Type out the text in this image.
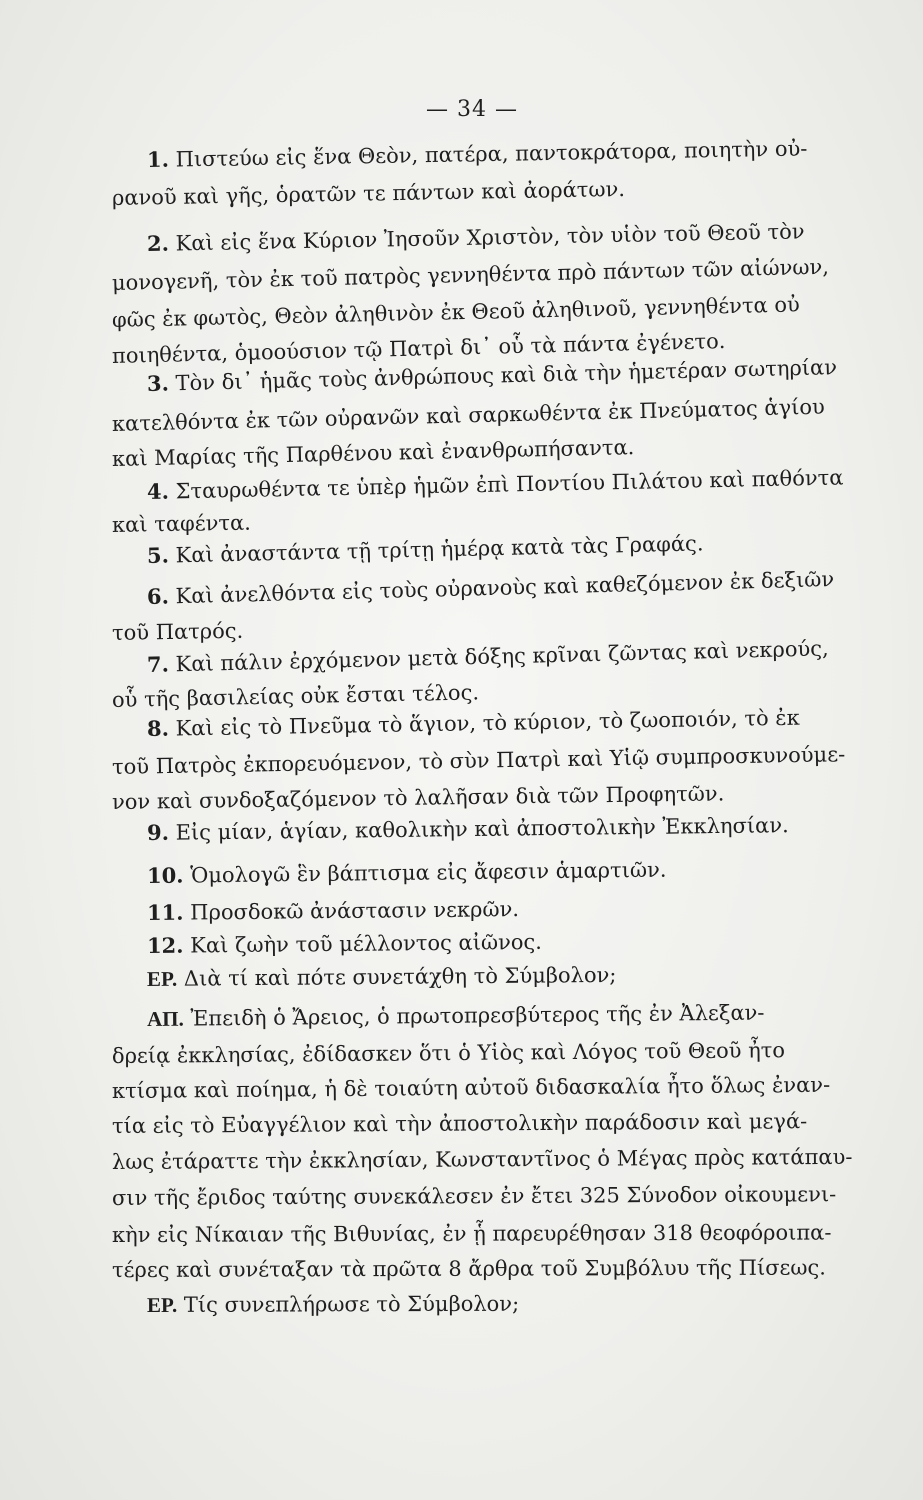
— 34 —
1. Πιστεύω εἰς ἕνα Θεὸν, πατέρα, παντοκράτορα, ποιητὴν οὐ-
ρανοῦ καὶ γῆς, ὁρατῶν τε πάντων καὶ ἀοράτων.
2. Καὶ εἰς ἕνα Κύριον Ἰησοῦν Χριστὸν, τὸν υἱὸν τοῦ Θεοῦ τὸν
μονογενῆ, τὸν ἐκ τοῦ πατρὸς γεννηθέντα πρὸ πάντων τῶν αἰώνων,
φῶς ἐκ φωτὸς, Θεὸν ἀληθινὸν ἐκ Θεοῦ ἀληθινοῦ, γεννηθέντα οὐ
ποιηθέντα, ὁμοούσιον τῷ Πατρὶ δι᾽ οὗ τὰ πάντα ἐγένετο.
3. Τὸν δι᾽ ἡμᾶς τοὺς ἀνθρώπους καὶ διὰ τὴν ἡμετέραν σωτηρίαν
κατελθόντα ἐκ τῶν οὐρανῶν καὶ σαρκωθέντα ἐκ Πνεύματος ἁγίου
καὶ Μαρίας τῆς Παρθένου καὶ ἐνανθρωπήσαντα.
4. Σταυρωθέντα τε ὑπὲρ ἡμῶν ἐπὶ Ποντίου Πιλάτου καὶ παθόντα
καὶ ταφέντα.
5. Καὶ ἀναστάντα τῇ τρίτῃ ἡμέρᾳ κατὰ τὰς Γραφάς.
6. Καὶ ἀνελθόντα εἰς τοὺς οὐρανοὺς καὶ καθεζόμενον ἐκ δεξιῶν
τοῦ Πατρός.
7. Καὶ πάλιν ἐρχόμενον μετὰ δόξης κρῖναι ζῶντας καὶ νεκρούς,
οὗ τῆς βασιλείας οὐκ ἔσται τέλος.
8. Καὶ εἰς τὸ Πνεῦμα τὸ ἅγιον, τὸ κύριον, τὸ ζωοποιόν, τὸ ἐκ
τοῦ Πατρὸς ἐκπορευόμενον, τὸ σὺν Πατρὶ καὶ Υἱῷ συμπροσκυνούμε-
νον καὶ συνδοξαζόμενον τὸ λαλῆσαν διὰ τῶν Προφητῶν.
9. Εἰς μίαν, ἁγίαν, καθολικὴν καὶ ἀποστολικὴν Ἐκκλησίαν.
10. Ὁμολογῶ ἓν βάπτισμα εἰς ἄφεσιν ἁμαρτιῶν.
11. Προσδοκῶ ἀνάστασιν νεκρῶν.
12. Καὶ ζωὴν τοῦ μέλλοντος αἰῶνος.
ΕΡ. Διὰ τί καὶ πότε συνετάχθη τὸ Σύμβολον;
ΑΠ. Ἐπειδὴ ὁ Ἄρειος, ὁ πρωτοπρεσβύτερος τῆς ἐν Ἀλεξαν-
δρείᾳ ἐκκλησίας, ἐδίδασκεν ὅτι ὁ Υἱὸς καὶ Λόγος τοῦ Θεοῦ ἦτο
κτίσμα καὶ ποίημα, ἡ δὲ τοιαύτη αὐτοῦ διδασκαλία ἦτο ὅλως ἐναν-
τία εἰς τὸ Εὐαγγέλιον καὶ τὴν ἀποστολικὴν παράδοσιν καὶ μεγά-
λως ἐτάραττε τὴν ἐκκλησίαν, Κωνσταντῖνος ὁ Μέγας πρὸς κατάπαυ-
σιν τῆς ἔριδος ταύτης συνεκάλεσεν ἐν ἔτει 325 Σύνοδον οἰκουμενι-
κὴν εἰς Νίκαιαν τῆς Βιθυνίας, ἐν ᾗ παρευρέθησαν 318 θεοφόροιπα-
τέρες καὶ συνέταξαν τὰ πρῶτα 8 ἄρθρα τοῦ Συμβόλυυ τῆς Πίσεως.
ΕΡ. Τίς συνεπλήρωσε τὸ Σύμβολον;
